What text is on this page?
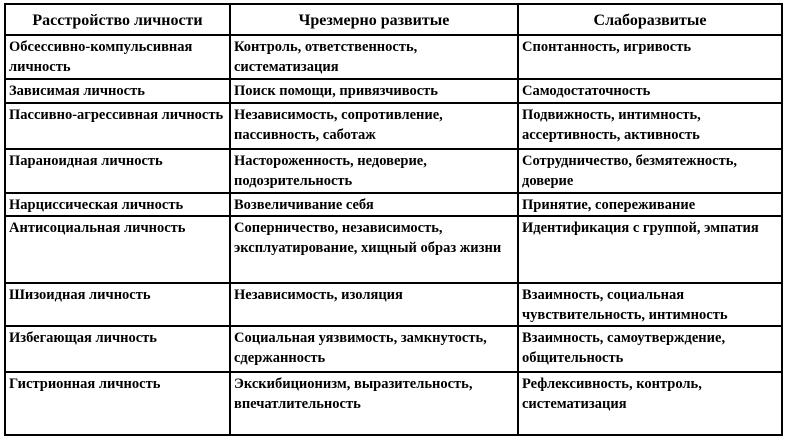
Расстройство личности	Чрезмерно развитые	Слаборазвитые
Обсессивно-компульсивная личность	Контроль, ответственность, систематизация	Спонтанность, игривость
Зависимая личность	Поиск помощи, привязчивость	Самодостаточность
Пассивно-агрессивная личность	Независимость, сопротивление, пассивность, саботаж	Подвижность, интимность, ассертивность, активность
Параноидная личность	Настороженность, недоверие, подозрительность	Сотрудничество, безмятежность, доверие
Нарциссическая личность	Возвеличивание себя	Принятие, сопереживание
Антисоциальная личность	Соперничество, независимость, эксплуатирование, хищный образ жизни	Идентификация с группой, эмпатия
Шизоидная личность	Независимость, изоляция	Взаимность, социальная чувствительность, интимность
Избегающая личность	Социальная уязвимость, замкнутость, сдержанность	Взаимность, самоутверждение, общительность
Гистрионная личность	Экскибиционизм, выразительность, впечатлительность	Рефлексивность, контроль, систематизация
